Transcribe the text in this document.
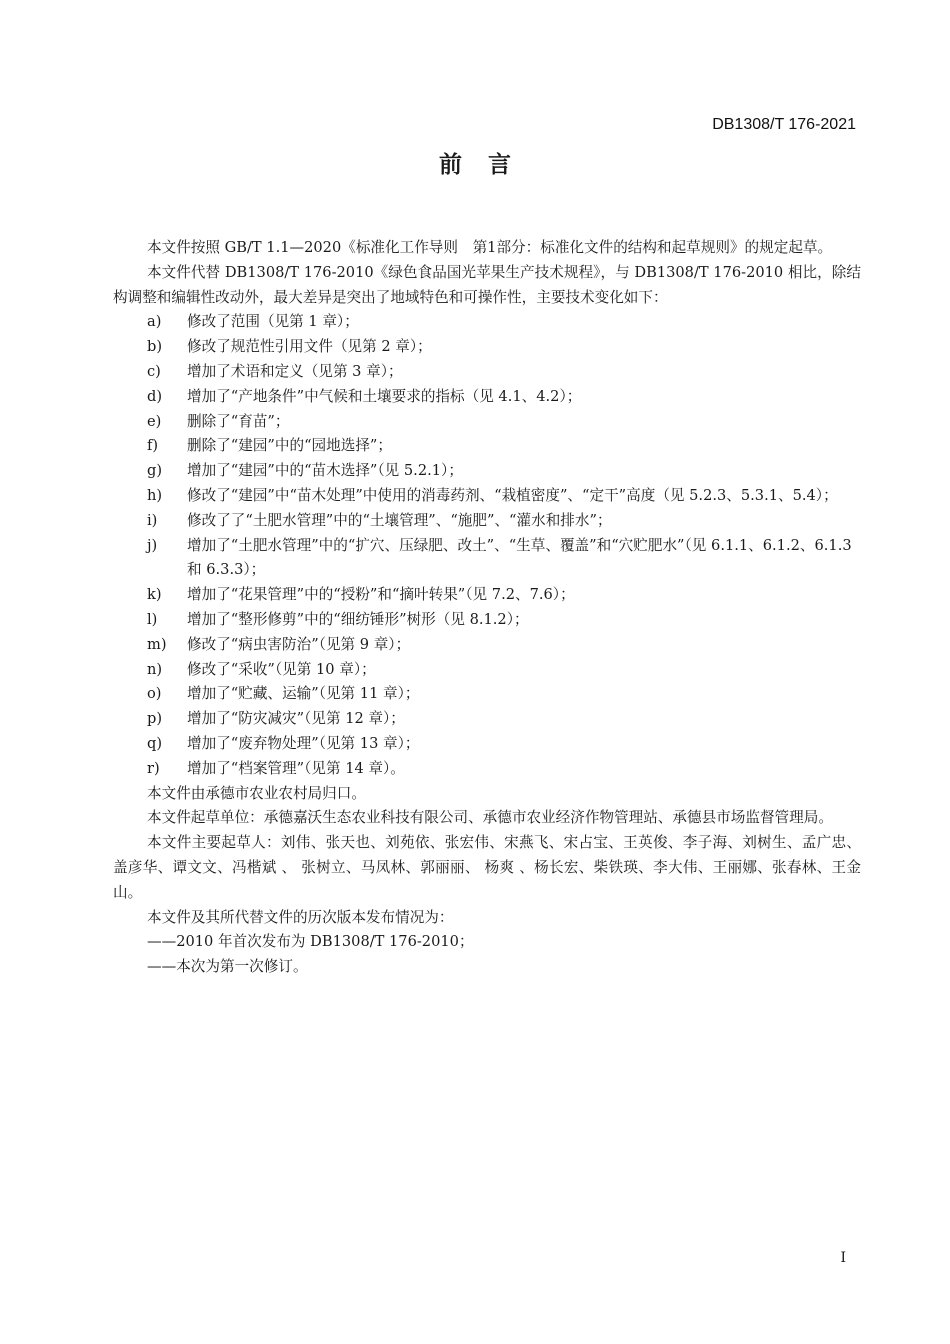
DB1308/T 176-2021
前 言

本文件按照 GB/T 1.1—2020《标准化工作导则　第1部分：标准化文件的结构和起草规则》的规定起草。

本文件代替 DB1308/T 176-2010《绿色食品国光苹果生产技术规程》，与 DB1308/T 176-2010 相比，除结构调整和编辑性改动外，最大差异是突出了地域特色和可操作性，主要技术变化如下：

a)	修改了范围（见第 1 章）；
b)	修改了规范性引用文件（见第 2 章）；
c)	增加了术语和定义（见第 3 章）；
d)	增加了“产地条件”中气候和土壤要求的指标（见 4.1、4.2）；
e)	删除了“育苗”；
f)	删除了“建园”中的“园地选择”；
g)	增加了“建园”中的“苗木选择”（见 5.2.1）；
h)	修改了“建园”中“苗木处理”中使用的消毒药剂、“栽植密度”、“定干”高度（见 5.2.3、5.3.1、5.4）；
i)	修改了了“土肥水管理”中的“土壤管理”、“施肥”、“灌水和排水”；
j)	增加了“土肥水管理”中的“扩穴、压绿肥、改土”、“生草、覆盖”和“穴贮肥水”（见 6.1.1、6.1.2、6.1.3 和 6.3.3）；
k)	增加了“花果管理”中的“授粉”和“摘叶转果”（见 7.2、7.6）；
l)	增加了“整形修剪”中的“细纺锤形”树形（见 8.1.2）；
m)	修改了“病虫害防治”（见第 9 章）；
n)	修改了“采收”（见第 10 章）；
o)	增加了“贮藏、运输”（见第 11 章）；
p)	增加了“防灾减灾”（见第 12 章）；
q)	增加了“废弃物处理”（见第 13 章）；
r)	增加了“档案管理”（见第 14 章）。

本文件由承德市农业农村局归口。

本文件起草单位：承德嘉沃生态农业科技有限公司、承德市农业经济作物管理站、承德县市场监督管理局。

本文件主要起草人：刘伟、张天也、刘苑依、张宏伟、宋燕飞、宋占宝、王英俊、李子海、刘树生、孟广忠、盖彦华、谭文文、冯楷斌 、 张树立、马凤林、郭丽丽、 杨爽 、杨长宏、柴铁瑛、李大伟、王丽娜、张春林、王金山。

本文件及其所代替文件的历次版本发布情况为：

——2010 年首次发布为 DB1308/T 176-2010；

——本次为第一次修订。

I
